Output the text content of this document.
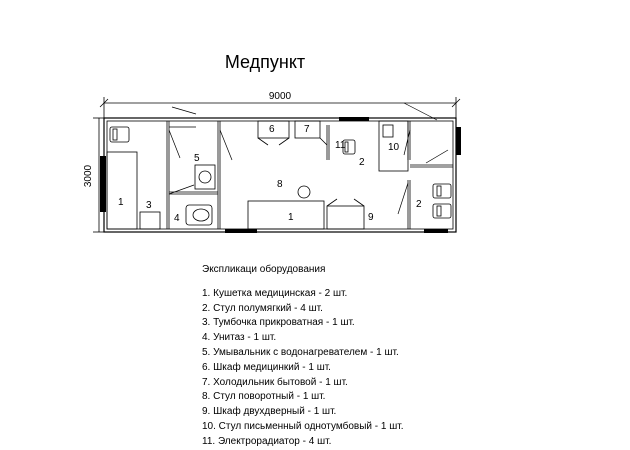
Медпункт
9000
3000
1	2
3
4
5
6	7
8
1	9
11
2
10
Экспликаци оборудования
1. Кушетка медицинская - 2 шт.
2. Стул полумягкий - 4 шт.
3. Тумбочка прикроватная - 1 шт.
4. Унитаз - 1 шт.
5. Умывальник с водонагревателем - 1 шт.
6. Шкаф медицинкий - 1 шт.
7. Холодильник бытовой - 1 шт.
8. Стул поворотный - 1 шт.
9. Шкаф двухдверный - 1 шт.
10. Стул письменный однотумбовый - 1 шт.
11. Электрорадиатор - 4 шт.
